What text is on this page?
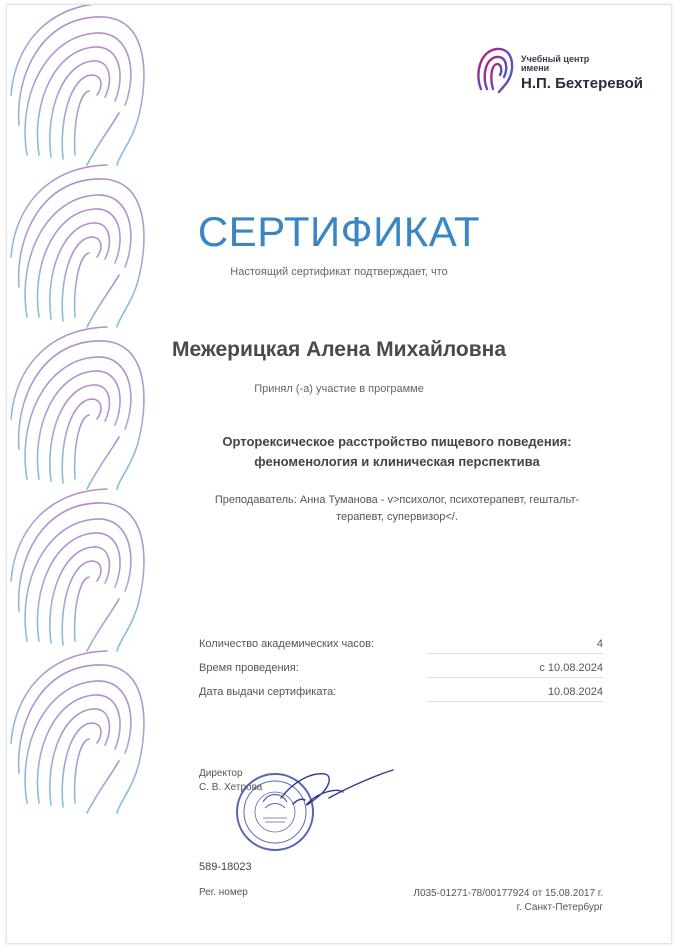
Учебный центр
имени
Н.П. Бехтеревой
СЕРТИФИКАТ
Настоящий сертификат подтверждает, что
Межерицкая Алена Михайловна
Принял (-а) участие в программе
Орторексическое расстройство пищевого поведения: феноменология и клиническая перспектива
Преподаватель: Анна Туманова - v>психолог, психотерапевт, гештальт-терапевт, супервизор</.
Количество академических часов:	4
Время проведения:	с 10.08.2024
Дата выдачи сертификата:	10.08.2024
Директор
С. В. Хетрова
589-18023
Рег. номер	Л035-01271-78/00177924 от 15.08.2017 г.
г. Санкт-Петербург
